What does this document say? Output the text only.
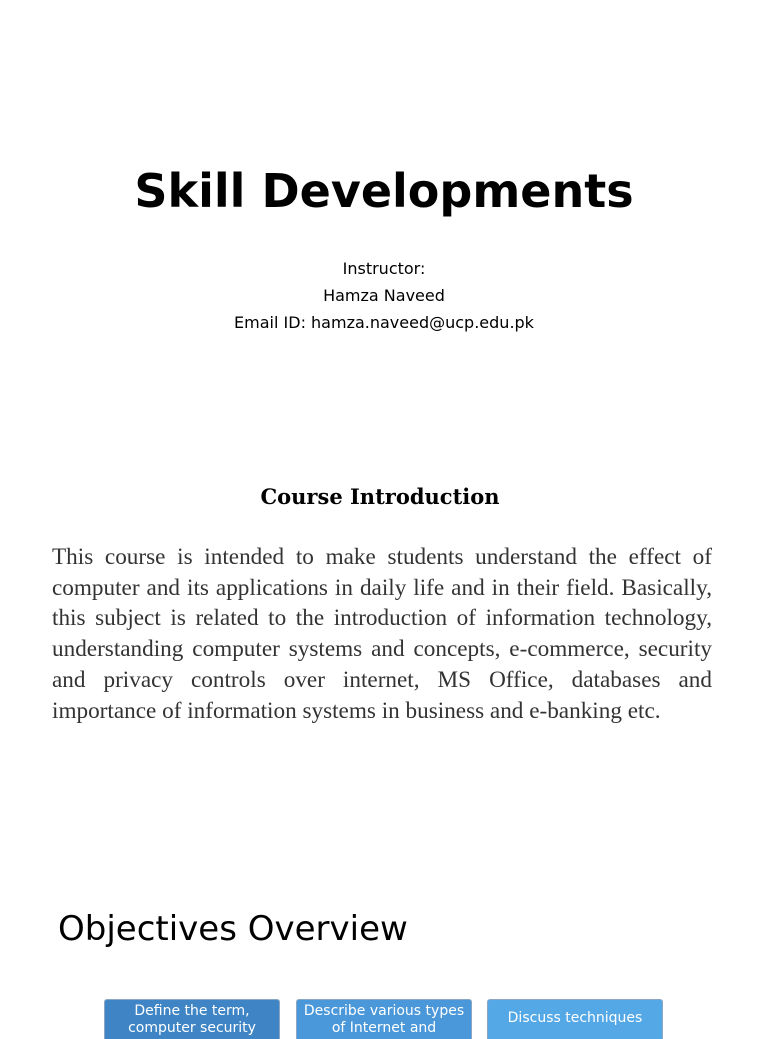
Skill Developments
Instructor:
Hamza Naveed
Email ID: hamza.naveed@ucp.edu.pk
Course Introduction

This course is intended to make students understand the effect of computer and its applications in daily life and in their field. Basically, this subject is related to the introduction of information technology, understanding computer systems and concepts, e-commerce, security and privacy controls over internet, MS Office, databases and importance of information systems in business and e-banking etc.

Objectives Overview
Define the term, computer security
Describe various types of Internet and
Discuss techniques
